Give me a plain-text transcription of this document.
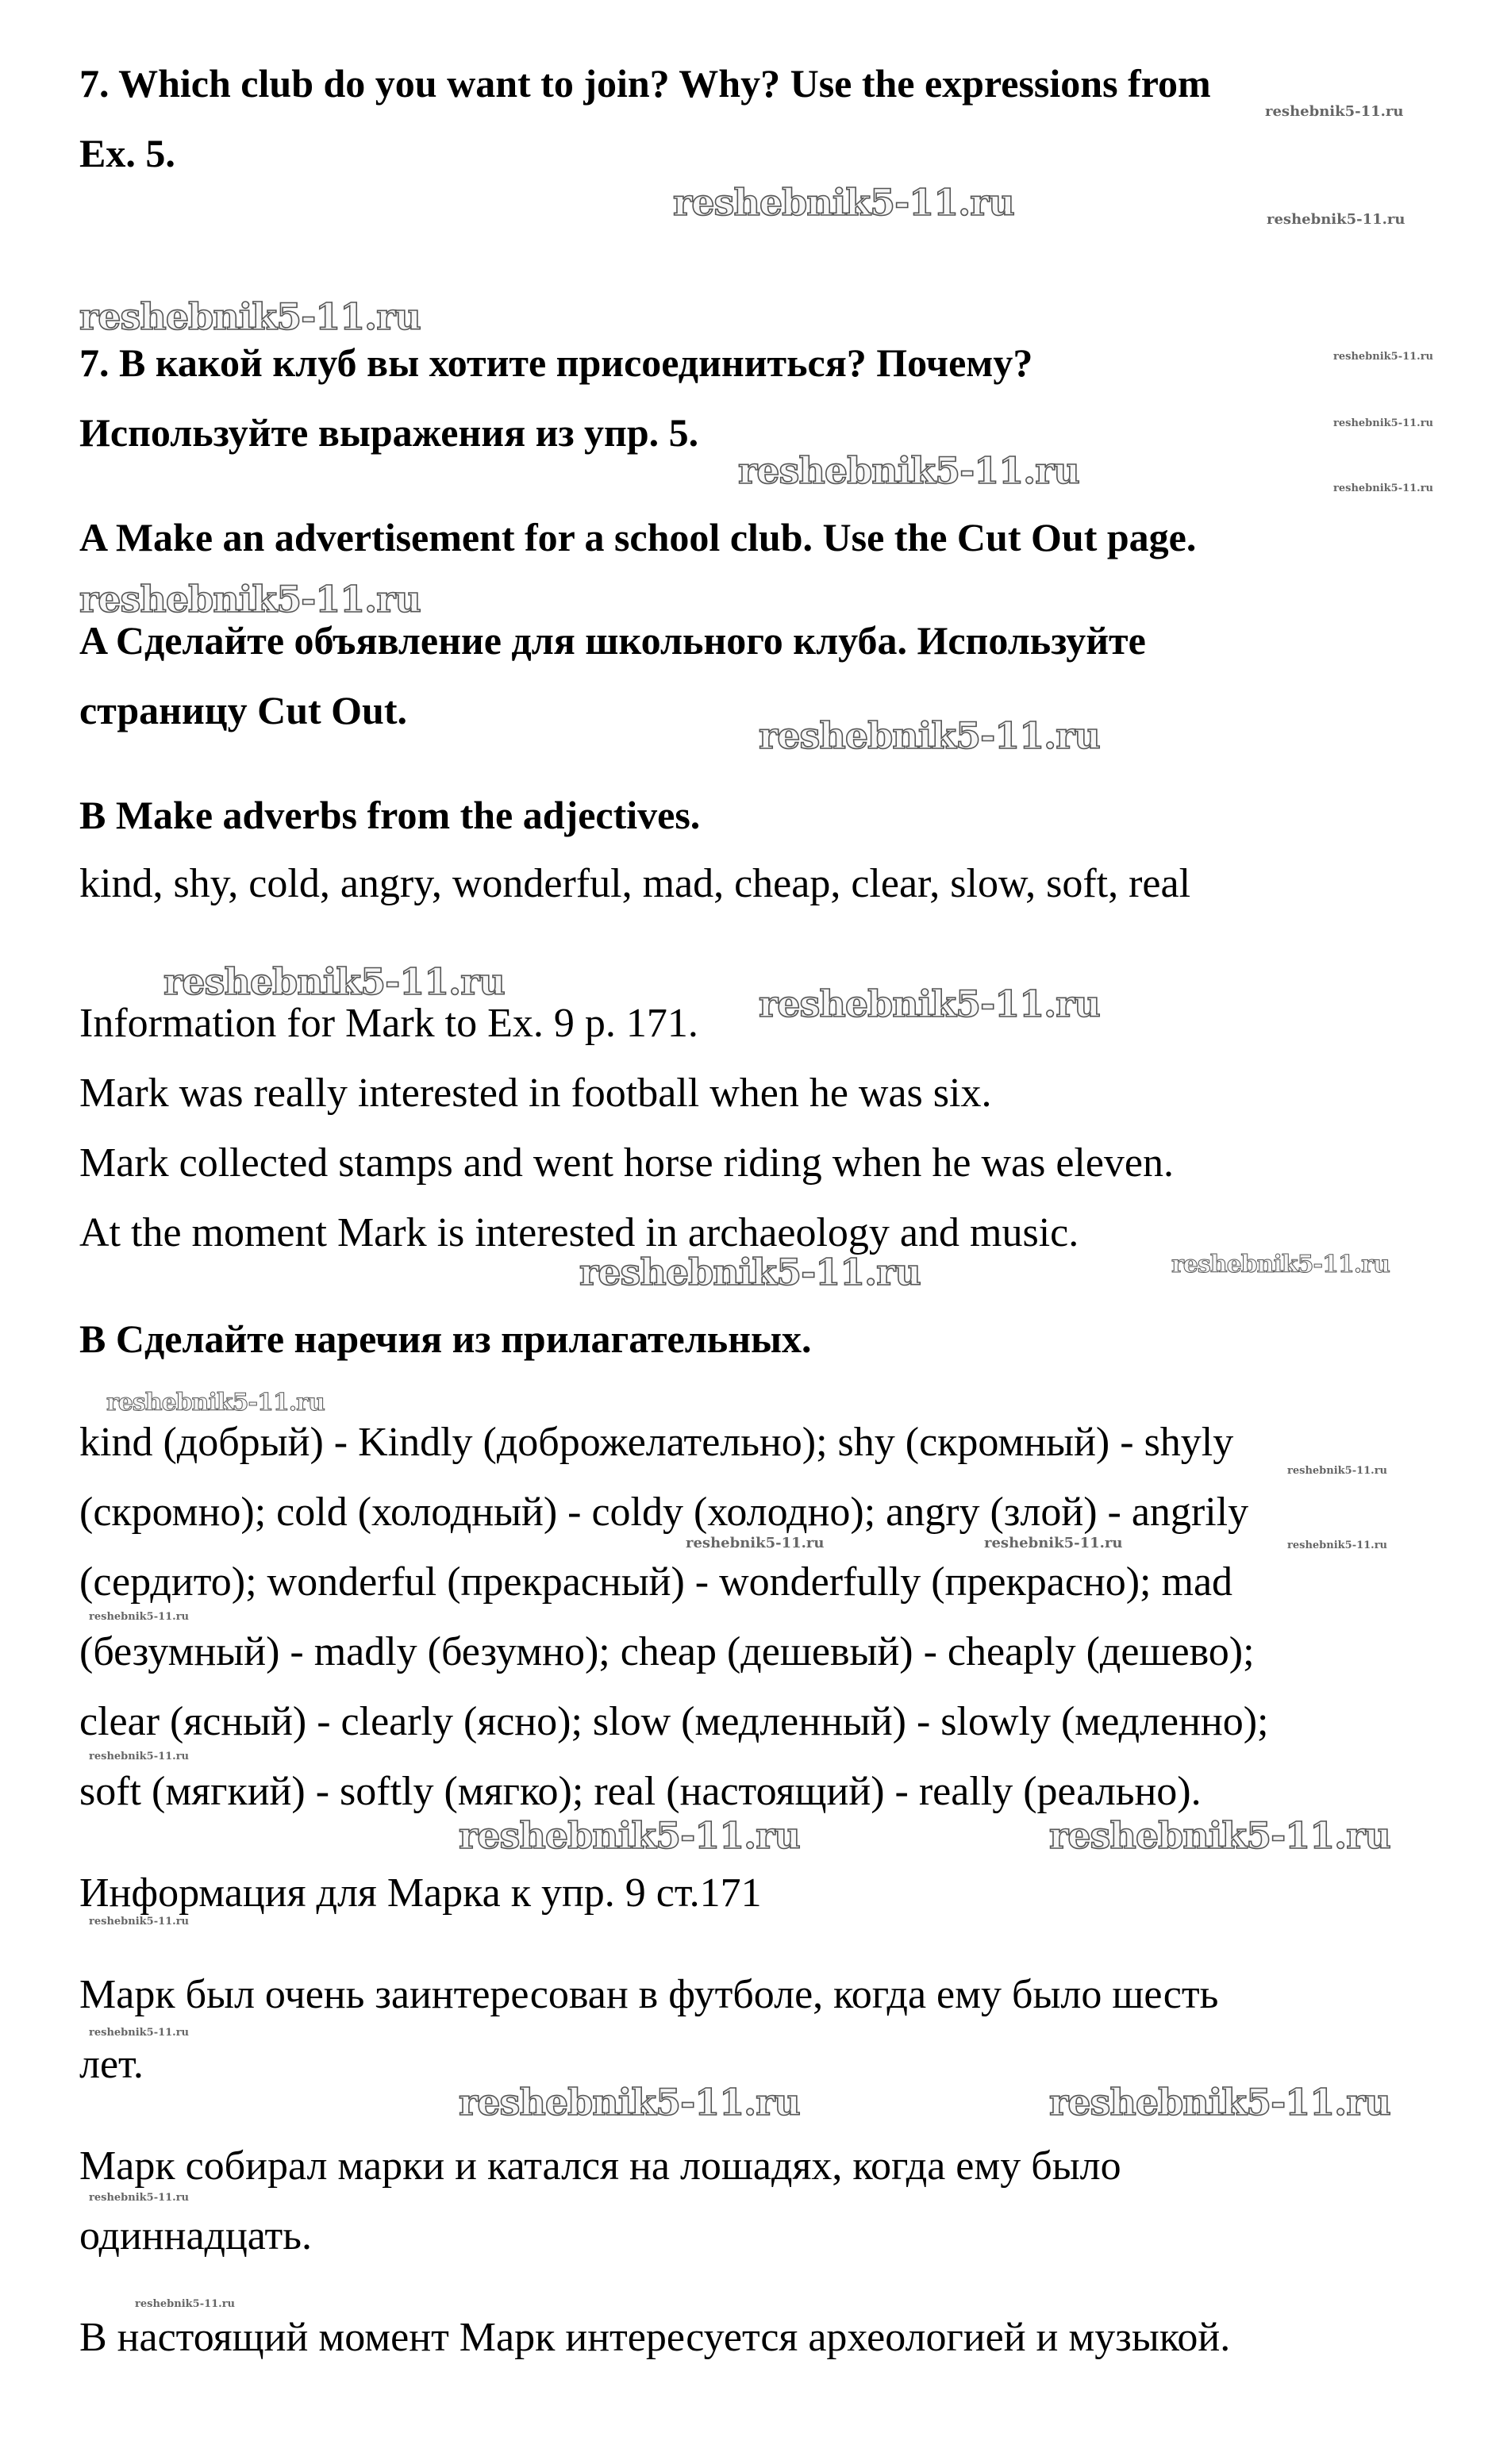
7. Which club do you want to join? Why? Use the expressions from
Ex. 5.
7. В какой клуб вы хотите присоединиться? Почему?
Используйте выражения из упр. 5.
A Make an advertisement for a school club. Use the Cut Out page.
A Сделайте объявление для школьного клуба. Используйте
страницу Cut Out.
B Make adverbs from the adjectives.
kind, shy, cold, angry, wonderful, mad, cheap, clear, slow, soft, real
Information for Mark to Ex. 9 p. 171.
Mark was really interested in football when he was six.
Mark collected stamps and went horse riding when he was eleven.
At the moment Mark is interested in archaeology and music.
B Сделайте наречия из прилагательных.
kind (добрый) - Kindly (доброжелательно); shy (скромный) - shyly
(скромно); cold (холодный) - coldy (холодно); angry (злой) - angrily
(сердито); wonderful (прекрасный) - wonderfully (прекрасно); mad
(безумный) - madly (безумно); cheap (дешевый) - cheaply (дешево);
clear (ясный) - clearly (ясно); slow (медленный) - slowly (медленно);
soft (мягкий) - softly (мягко); real (настоящий) - really (реально).
Информация для Марка к упр. 9 ст.171
Марк был очень заинтересован в футболе, когда ему было шесть
лет.
Марк собирал марки и катался на лошадях, когда ему было
одиннадцать.
В настоящий момент Марк интересуется археологией и музыкой.
reshebnik5-11.ru
reshebnik5-11.ru
reshebnik5-11.ru
reshebnik5-11.ru
reshebnik5-11.ru
reshebnik5-11.ru
reshebnik5-11.ru
reshebnik5-11.ru
reshebnik5-11.ru	reshebnik5-11.ru
reshebnik5-11.ru	reshebnik5-11.ru
reshebnik5-11.ru
reshebnik5-11.ru
reshebnik5-11.ru
reshebnik5-11.ru
reshebnik5-11.ru	reshebnik5-11.ru
reshebnik5-11.ru
reshebnik5-11.ru
reshebnik5-11.ru
reshebnik5-11.ru
reshebnik5-11.ru
reshebnik5-11.ru
reshebnik5-11.ru
reshebnik5-11.ru
reshebnik5-11.ru
reshebnik5-11.ru
reshebnik5-11.ru
